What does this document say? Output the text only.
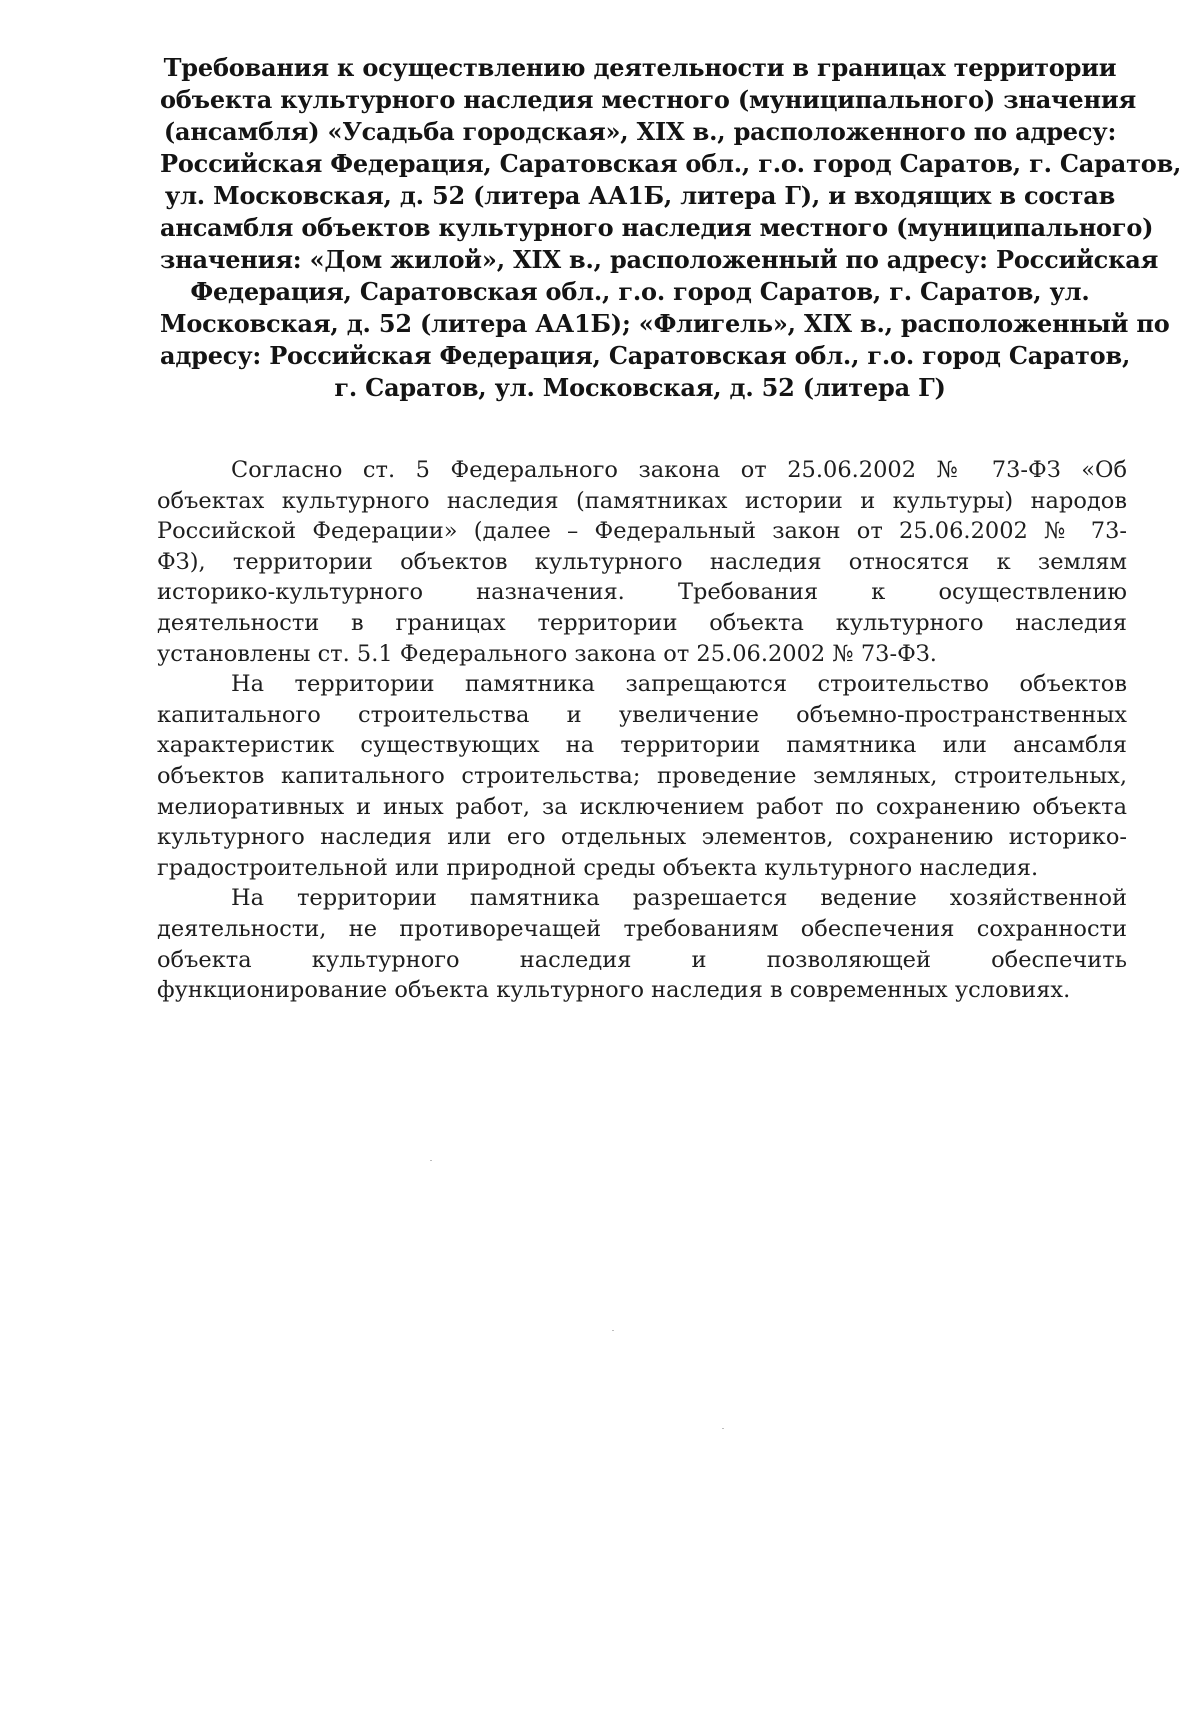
Требования к осуществлению деятельности в границах территории
объекта культурного наследия местного (муниципального) значения
(ансамбля) «Усадьба городская», XIX в., расположенного по адресу:
Российская Федерация, Саратовская обл., г.о. город Саратов, г. Саратов,
ул. Московская, д. 52 (литера АА1Б, литера Г), и входящих в состав
ансамбля объектов культурного наследия местного (муниципального)
значения: «Дом жилой», XIX в., расположенный по адресу: Российская
Федерация, Саратовская обл., г.о. город Саратов, г. Саратов, ул.
Московская, д. 52 (литера АА1Б); «Флигель», XIX в., расположенный по
адресу: Российская Федерация, Саратовская обл., г.о. город Саратов,
г. Саратов, ул. Московская, д. 52 (литера Г)

Согласно ст. 5 Федерального закона от 25.06.2002 № 73-ФЗ «Об
объектах культурного наследия (памятниках истории и культуры) народов
Российской Федерации» (далее – Федеральный закон от 25.06.2002 № 73-
ФЗ), территории объектов культурного наследия относятся к землям
историко-культурного назначения. Требования к осуществлению
деятельности в границах территории объекта культурного наследия
установлены ст. 5.1 Федерального закона от 25.06.2002 № 73-ФЗ.

На территории памятника запрещаются строительство объектов
капитального строительства и увеличение объемно-пространственных
характеристик существующих на территории памятника или ансамбля
объектов капитального строительства; проведение земляных, строительных,
мелиоративных и иных работ, за исключением работ по сохранению объекта
культурного наследия или его отдельных элементов, сохранению историко-
градостроительной или природной среды объекта культурного наследия.

На территории памятника разрешается ведение хозяйственной
деятельности, не противоречащей требованиям обеспечения сохранности
объекта культурного наследия и позволяющей обеспечить
функционирование объекта культурного наследия в современных условиях.
